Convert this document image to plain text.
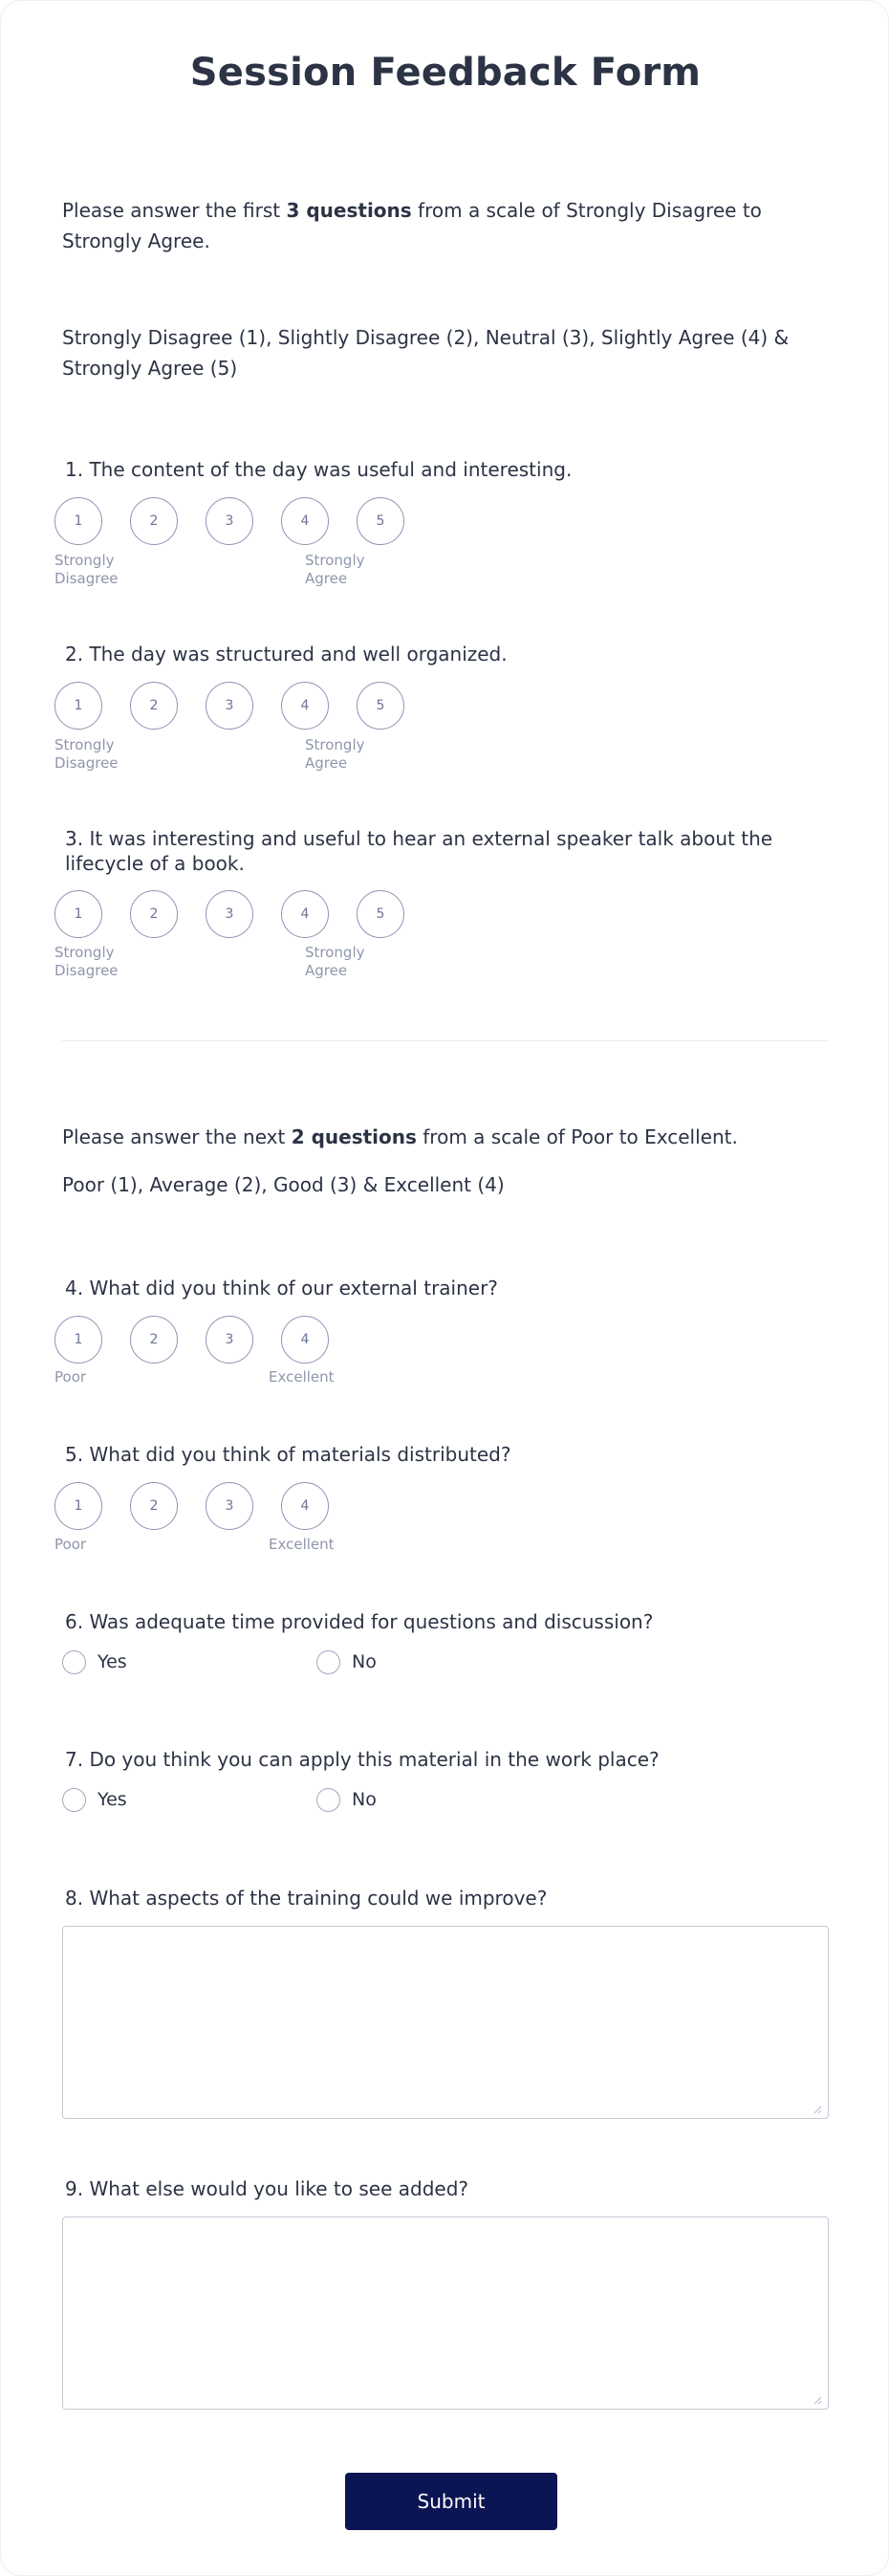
Session Feedback Form
Please answer the first 3 questions from a scale of Strongly Disagree to Strongly Agree.
Strongly Disagree (1), Slightly Disagree (2), Neutral (3), Slightly Agree (4) & Strongly Agree (5)
1. The content of the day was useful and interesting.
1	2	3	4	5
Strongly Disagree
Strongly Agree
2. The day was structured and well organized.
1	2	3	4	5
Strongly Disagree
Strongly Agree
3. It was interesting and useful to hear an external speaker talk about the lifecycle of a book.
1	2	3	4	5
Strongly Disagree
Strongly Agree
Please answer the next 2 questions from a scale of Poor to Excellent.
Poor (1), Average (2), Good (3) & Excellent (4)
4. What did you think of our external trainer?
1	2	3	4
Poor	Excellent
5. What did you think of materials distributed?
1	2	3	4
Poor	Excellent
6. Was adequate time provided for questions and discussion?
Yes	No
7. Do you think you can apply this material in the work place?
Yes	No
8. What aspects of the training could we improve?
9. What else would you like to see added?
Submit
